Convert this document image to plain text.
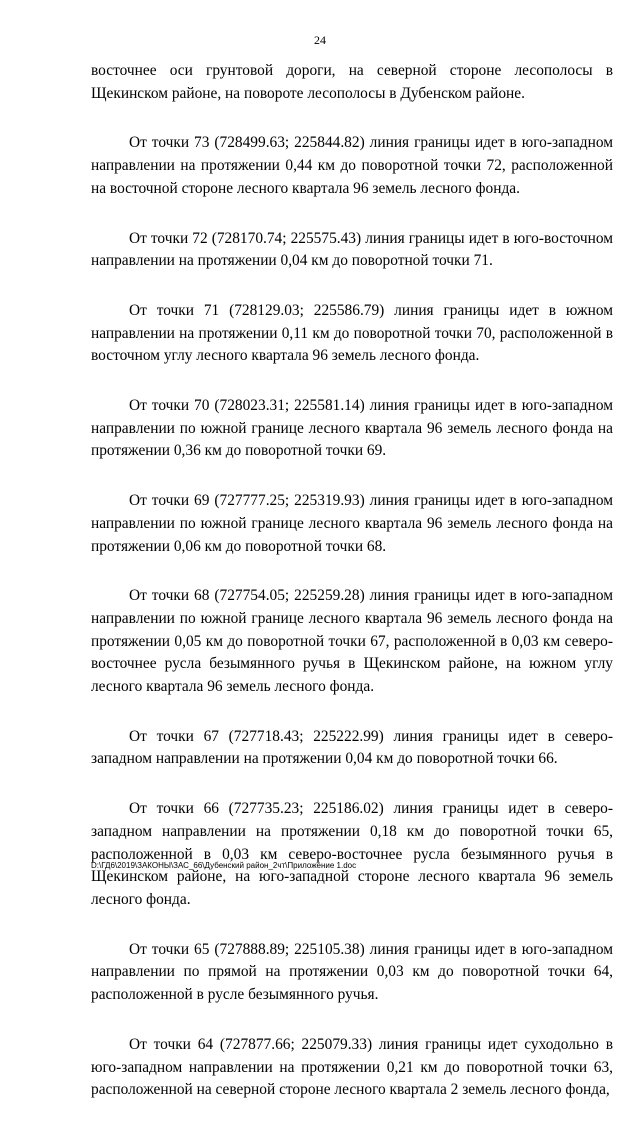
24

восточнее оси грунтовой дороги, на северной стороне лесополосы в Щекинском районе, на повороте лесополосы в Дубенском районе.

От точки 73 (728499.63; 225844.82) линия границы идет в юго-западном направлении на протяжении 0,44 км до поворотной точки 72, расположенной на восточной стороне лесного квартала 96 земель лесного фонда.

От точки 72 (728170.74; 225575.43) линия границы идет в юго-восточном направлении на протяжении 0,04 км до поворотной точки 71.

От точки 71 (728129.03; 225586.79) линия границы идет в южном направлении на протяжении 0,11 км до поворотной точки 70, расположенной в восточном углу лесного квартала 96 земель лесного фонда.

От точки 70 (728023.31; 225581.14) линия границы идет в юго-западном направлении по южной границе лесного квартала 96 земель лесного фонда на протяжении 0,36 км до поворотной точки 69.

От точки 69 (727777.25; 225319.93) линия границы идет в юго-западном направлении по южной границе лесного квартала 96 земель лесного фонда на протяжении 0,06 км до поворотной точки 68.

От точки 68 (727754.05; 225259.28) линия границы идет в юго-западном направлении по южной границе лесного квартала 96 земель лесного фонда на протяжении 0,05 км до поворотной точки 67, расположенной в 0,03 км северо-восточнее русла безымянного ручья в Щекинском районе, на южном углу лесного квартала 96 земель лесного фонда.

От точки 67 (727718.43; 225222.99) линия границы идет в северо-западном направлении на протяжении 0,04 км до поворотной точки 66.

От точки 66 (727735.23; 225186.02) линия границы идет в северо-западном направлении на протяжении 0,18 км до поворотной точки 65, расположенной в 0,03 км северо-восточнее русла безымянного ручья в Щекинском районе, на юго-западной стороне лесного квартала 96 земель лесного фонда.

От точки 65 (727888.89; 225105.38) линия границы идет в юго-западном направлении по прямой на протяжении 0,03 км до поворотной точки 64, расположенной в русле безымянного ручья.

От точки 64 (727877.66; 225079.33) линия границы идет суходольно в юго-западном направлении на протяжении 0,21 км до поворотной точки 63, расположенной на северной стороне лесного квартала 2 земель лесного фонда,

D:\ГД6\2019\ЗАКОНЫ\ЗАС_66\Дубенский район_2чт\Приложение 1.doc
